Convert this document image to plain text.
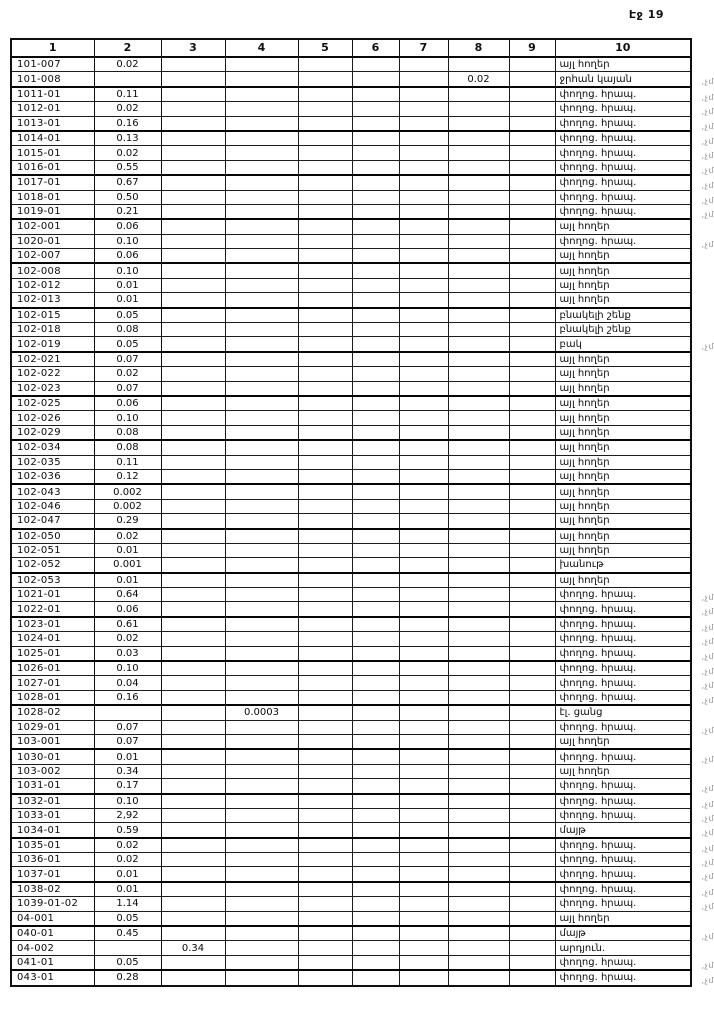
Էջ 19
1	2	3	4	5	6	7	8	9	10
101-007	0.02								այլ հողեր
101-008							0.02		ջրհան կայան ,չմ

1011-01	0.11								փողոց. հրապ. ,չմ

1012-01	0.02								փողոց. հրապ. ,չմ

1013-01	0.16								փողոց. հրապ. ,չմ

1014-01	0.13								փողոց. հրապ. ,չմ

1015-01	0.02								փողոց. հրապ. ,չմ

1016-01	0.55								փողոց. հրապ. ,չմ

1017-01	0.67								փողոց. հրապ. ,չմ

1018-01	0.50								փողոց. հրապ. ,չմ

1019-01	0.21								փողոց. հրապ. ,չմ

102-001	0.06								այլ հողեր
1020-01	0.10								փողոց. հրապ. ,չմ

102-007	0.06								այլ հողեր
102-008	0.10								այլ հողեր
102-012	0.01								այլ հողեր
102-013	0.01								այլ հողեր
102-015	0.05								բնակելի շենք
102-018	0.08								բնակելի շենք
102-019	0.05								բակ ,չմ

102-021	0.07								այլ հողեր
102-022	0.02								այլ հողեր
102-023	0.07								այլ հողեր
102-025	0.06								այլ հողեր
102-026	0.10								այլ հողեր
102-029	0.08								այլ հողեր
102-034	0.08								այլ հողեր
102-035	0.11								այլ հողեր
102-036	0.12								այլ հողեր
102-043	0.002								այլ հողեր
102-046	0.002								այլ հողեր
102-047	0.29								այլ հողեր
102-050	0.02								այլ հողեր
102-051	0.01								այլ հողեր
102-052	0.001								խանութ
102-053	0.01								այլ հողեր
1021-01	0.64								փողոց. հրապ. ,չմ

1022-01	0.06								փողոց. հրապ. ,չմ

1023-01	0.61								փողոց. հրապ. ,չմ

1024-01	0.02								փողոց. հրապ. ,չմ

1025-01	0.03								փողոց. հրապ. ,չմ

1026-01	0.10								փողոց. հրապ. ,չմ

1027-01	0.04								փողոց. հրապ. ,չմ

1028-01	0.16								փողոց. հրապ. ,չմ

1028-02			0.0003						էլ. ցանց
1029-01	0.07								փողոց. հրապ. ,չմ

103-001	0.07								այլ հողեր
1030-01	0.01								փողոց. հրապ. ,չմ

103-002	0.34								այլ հողեր
1031-01	0.17								փողոց. հրապ. ,չմ

1032-01	0.10								փողոց. հրապ. ,չմ

1033-01	2,92								փողոց. հրապ. ,չմ

1034-01	0.59								մայթ ,չմ

1035-01	0.02								փողոց. հրապ. ,չմ

1036-01	0.02								փողոց. հրապ. ,չմ

1037-01	0.01								փողոց. հրապ. ,չմ

1038-02	0.01								փողոց. հրապ. ,չմ

1039-01-02	1.14								փողոց. հրապ. ,չմ

04-001	0.05								այլ հողեր
040-01	0.45								մայթ ,չմ

04-002		0.34							արդյուն.
041-01	0.05								փողոց. հրապ. ,չմ

043-01	0.28								փողոց. հրապ. ,չմ
